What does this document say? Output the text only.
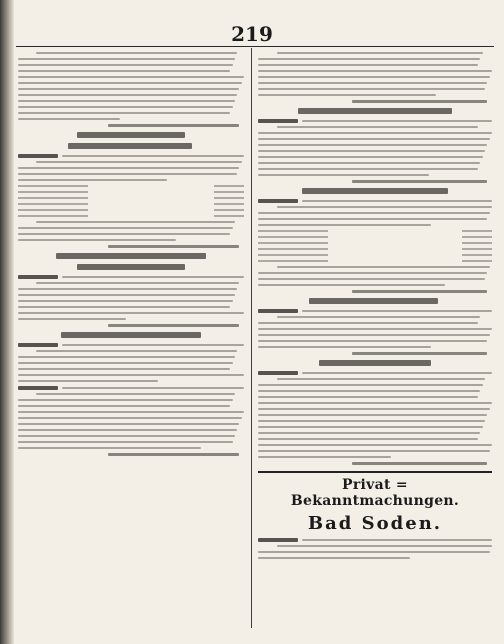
219
Privat = Bekanntmachungen.
Bad Soden.
